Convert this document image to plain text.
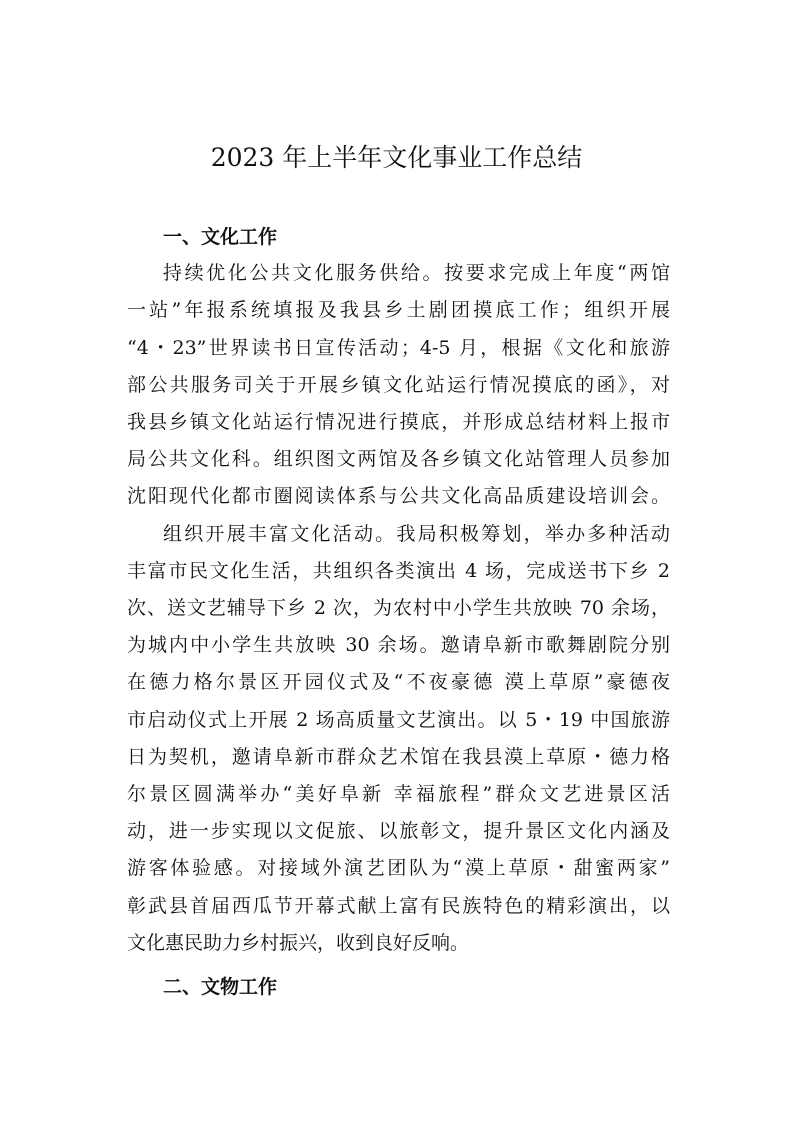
2023 年上半年文化事业工作总结
一、文化工作
持续优化公共文化服务供给。按要求完成上年度“两馆
一站”年报系统填报及我县乡土剧团摸底工作；组织开展
“4・23”世界读书日宣传活动；4-5 月，根据《文化和旅游
部公共服务司关于开展乡镇文化站运行情况摸底的函》，对
我县乡镇文化站运行情况进行摸底，并形成总结材料上报市
局公共文化科。组织图文两馆及各乡镇文化站管理人员参加
沈阳现代化都市圈阅读体系与公共文化高品质建设培训会。
组织开展丰富文化活动。我局积极筹划，举办多种活动
丰富市民文化生活，共组织各类演出 4 场，完成送书下乡 2
次、送文艺辅导下乡 2 次，为农村中小学生共放映 70 余场，
为城内中小学生共放映 30 余场。邀请阜新市歌舞剧院分别
在德力格尔景区开园仪式及“不夜豪德 漠上草原”豪德夜
市启动仪式上开展 2 场高质量文艺演出。以 5・19 中国旅游
日为契机，邀请阜新市群众艺术馆在我县漠上草原・德力格
尔景区圆满举办“美好阜新 幸福旅程”群众文艺进景区活
动，进一步实现以文促旅、以旅彰文，提升景区文化内涵及
游客体验感。对接域外演艺团队为“漠上草原・甜蜜两家”
彰武县首届西瓜节开幕式献上富有民族特色的精彩演出，以
文化惠民助力乡村振兴，收到良好反响。
二、文物工作
